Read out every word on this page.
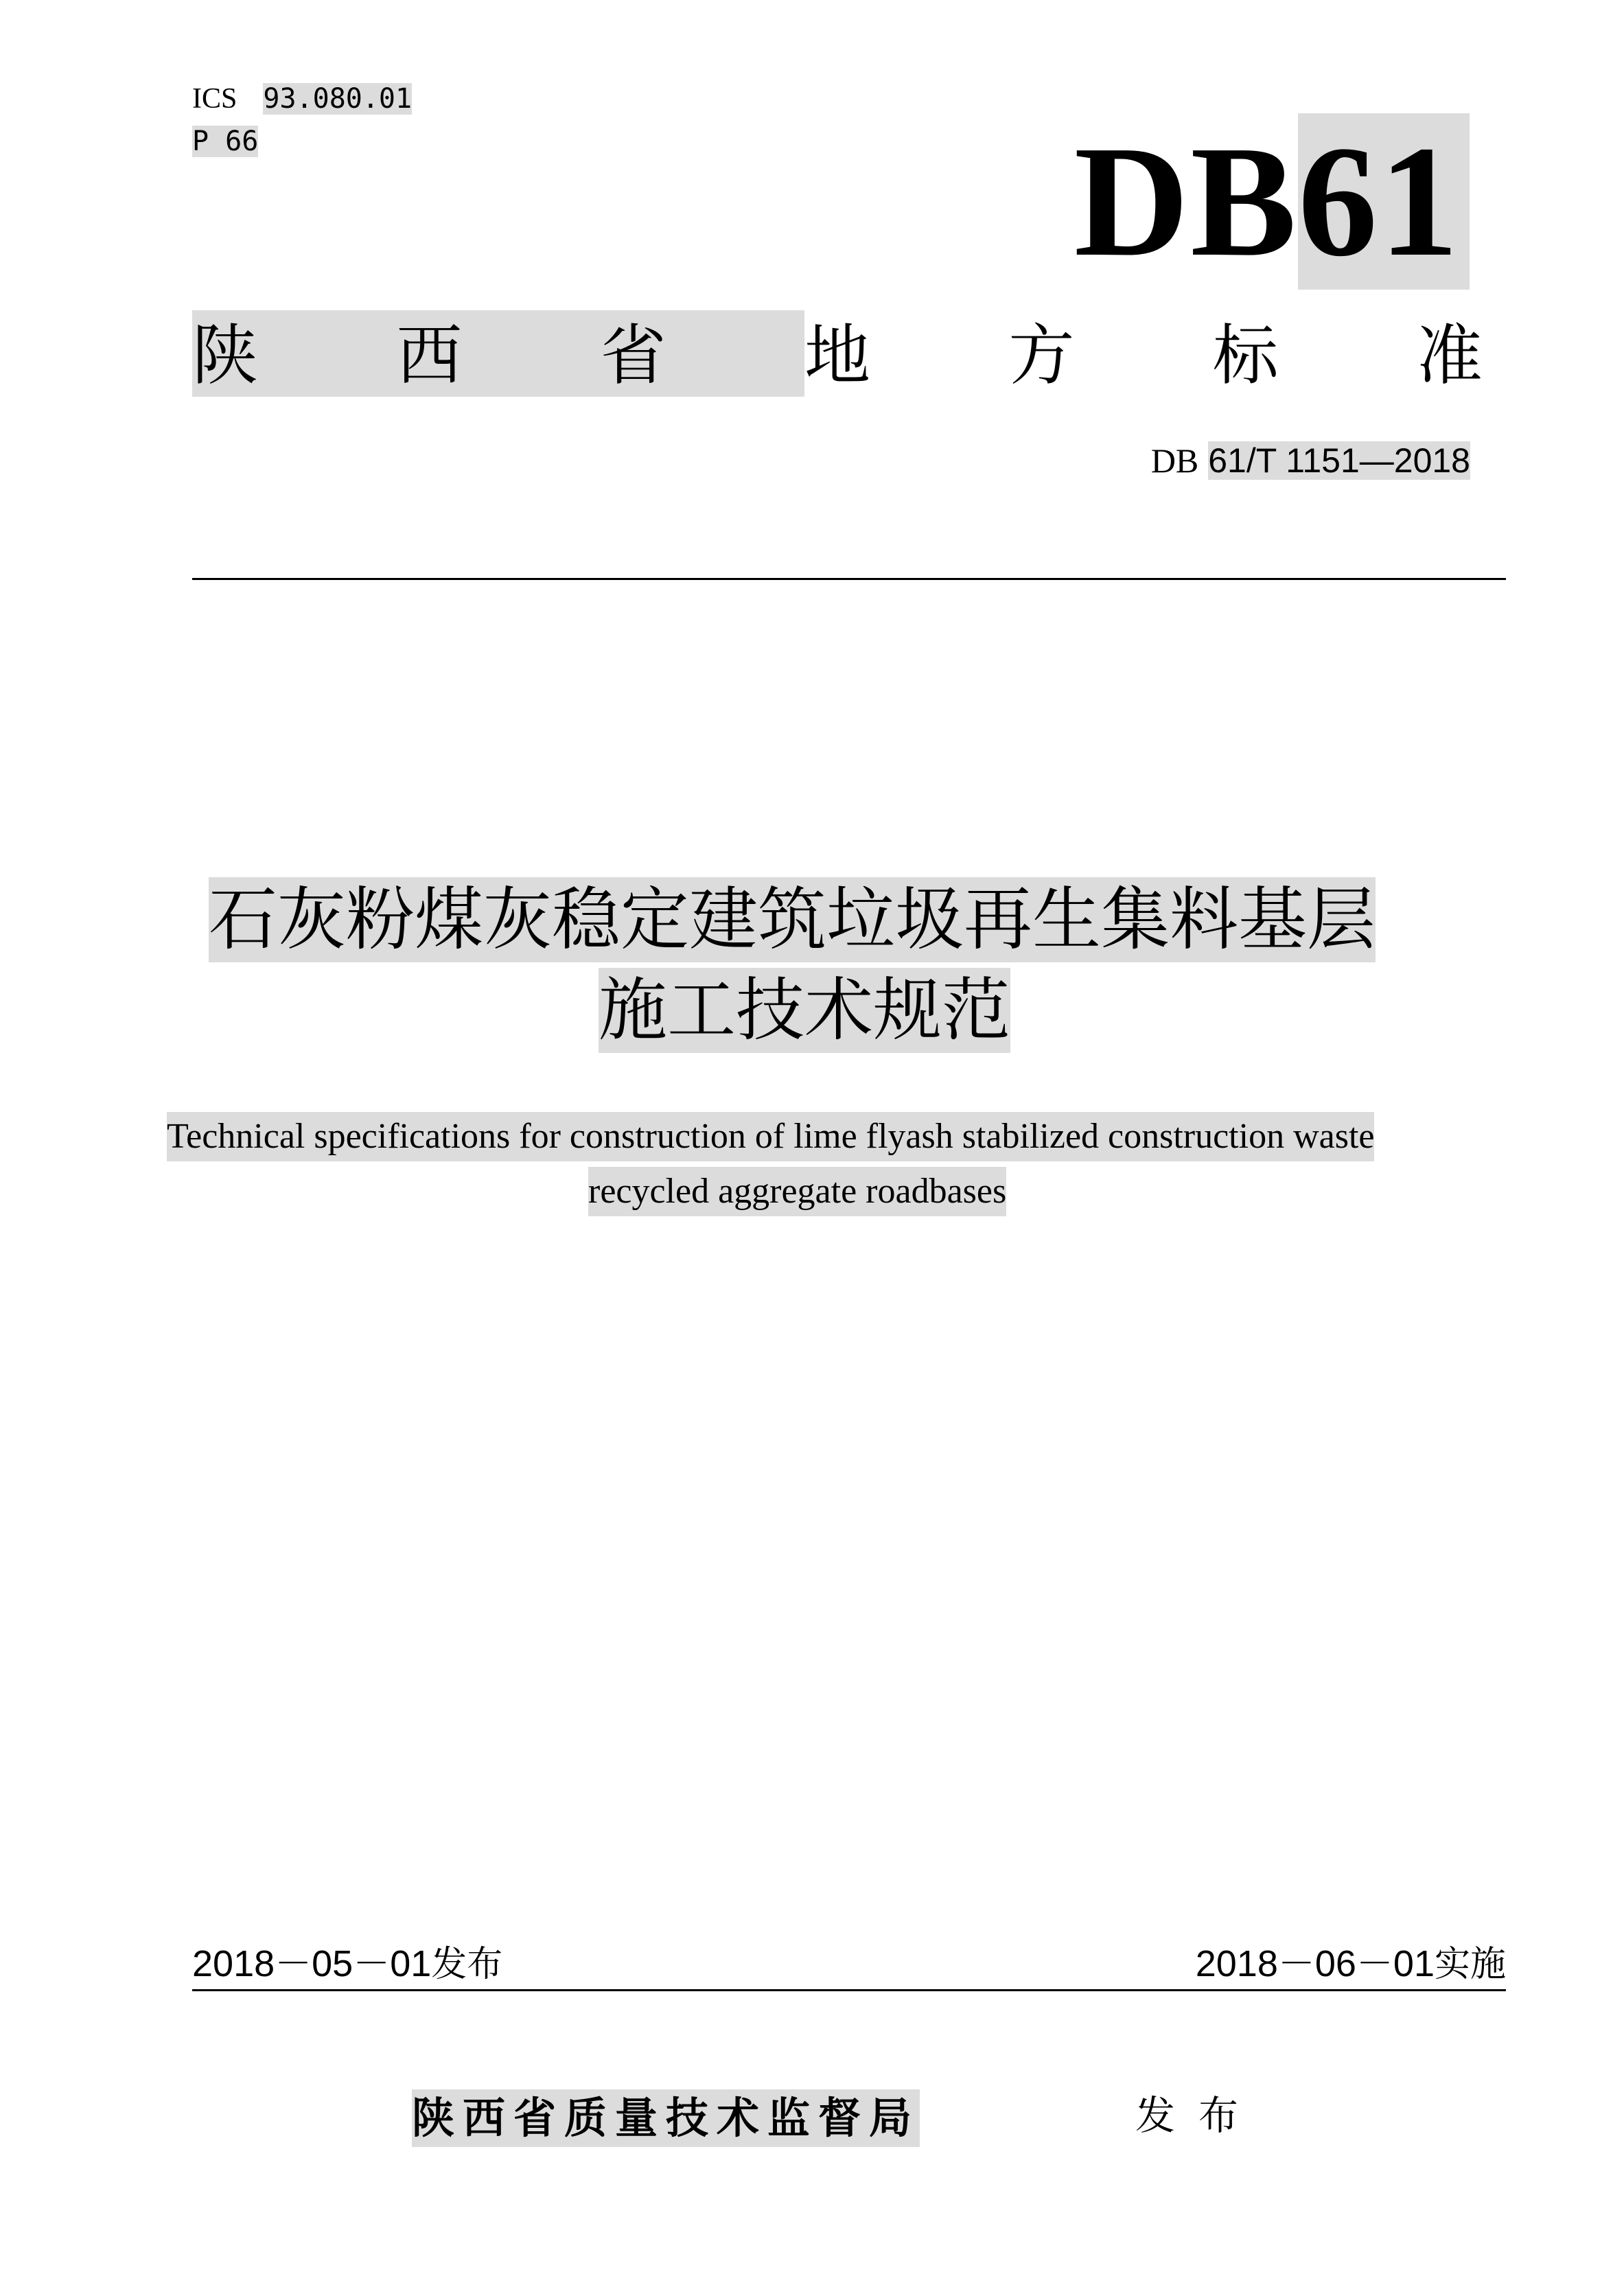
ICS 93.080.01
P 66	DB61
陕 西 省 地 方 标 准
DB 61/T 1151—2018
石灰粉煤灰稳定建筑垃圾再生集料基层
施工技术规范
Technical specifications for construction of lime flyash stabilized construction waste
recycled aggregate roadbases
2018－05－01发布	2018－06－01实施
陕西省质量技术监督局	发布
